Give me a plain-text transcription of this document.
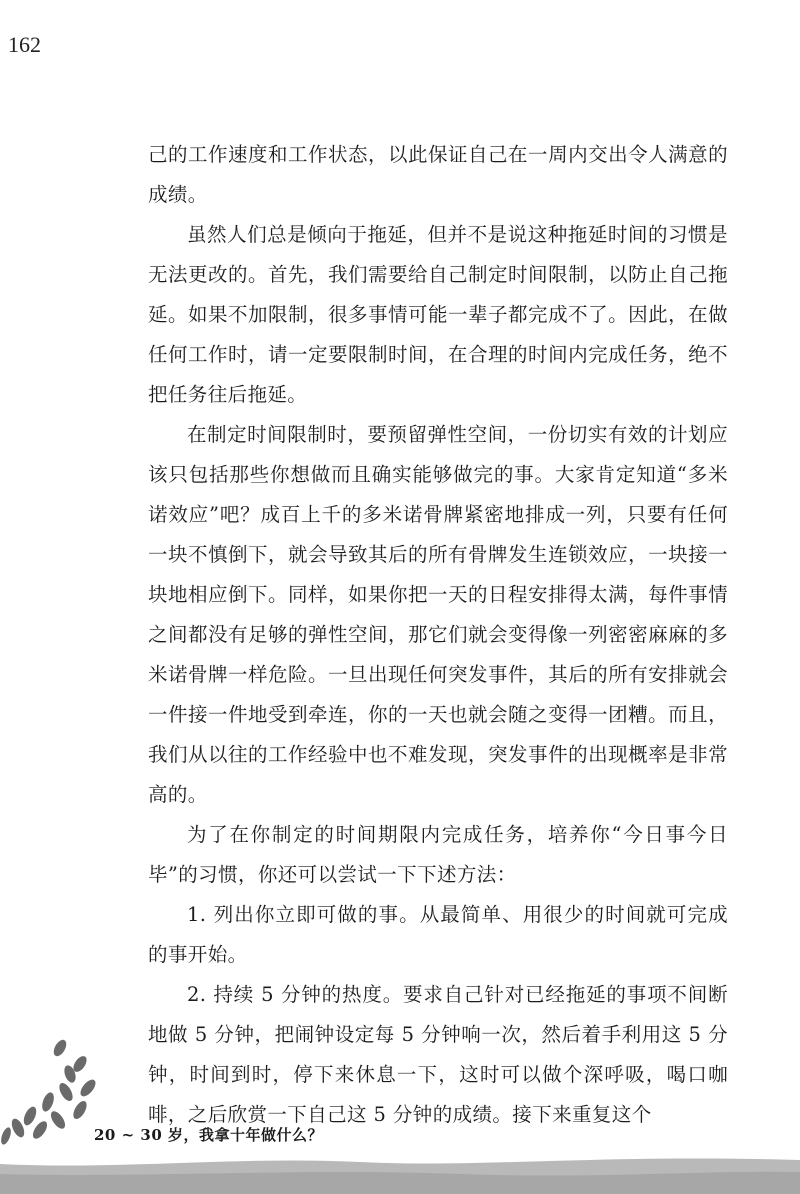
162

己的工作速度和工作状态，以此保证自己在一周内交出令人满意的成绩。

虽然人们总是倾向于拖延，但并不是说这种拖延时间的习惯是无法更改的。首先，我们需要给自己制定时间限制，以防止自己拖延。如果不加限制，很多事情可能一辈子都完成不了。因此，在做任何工作时，请一定要限制时间，在合理的时间内完成任务，绝不把任务往后拖延。

在制定时间限制时，要预留弹性空间，一份切实有效的计划应该只包括那些你想做而且确实能够做完的事。大家肯定知道“多米诺效应”吧？成百上千的多米诺骨牌紧密地排成一列，只要有任何一块不慎倒下，就会导致其后的所有骨牌发生连锁效应，一块接一块地相应倒下。同样，如果你把一天的日程安排得太满，每件事情之间都没有足够的弹性空间，那它们就会变得像一列密密麻麻的多米诺骨牌一样危险。一旦出现任何突发事件，其后的所有安排就会一件接一件地受到牵连，你的一天也就会随之变得一团糟。而且，我们从以往的工作经验中也不难发现，突发事件的出现概率是非常高的。

为了在你制定的时间期限内完成任务，培养你“今日事今日毕”的习惯，你还可以尝试一下下述方法：

1. 列出你立即可做的事。从最简单、用很少的时间就可完成的事开始。

2. 持续 5 分钟的热度。要求自己针对已经拖延的事项不间断地做 5 分钟，把闹钟设定每 5 分钟响一次，然后着手利用这 5 分钟，时间到时，停下来休息一下，这时可以做个深呼吸，喝口咖啡，之后欣赏一下自己这 5 分钟的成绩。接下来重复这个

20 ~ 30 岁，我拿十年做什么？
